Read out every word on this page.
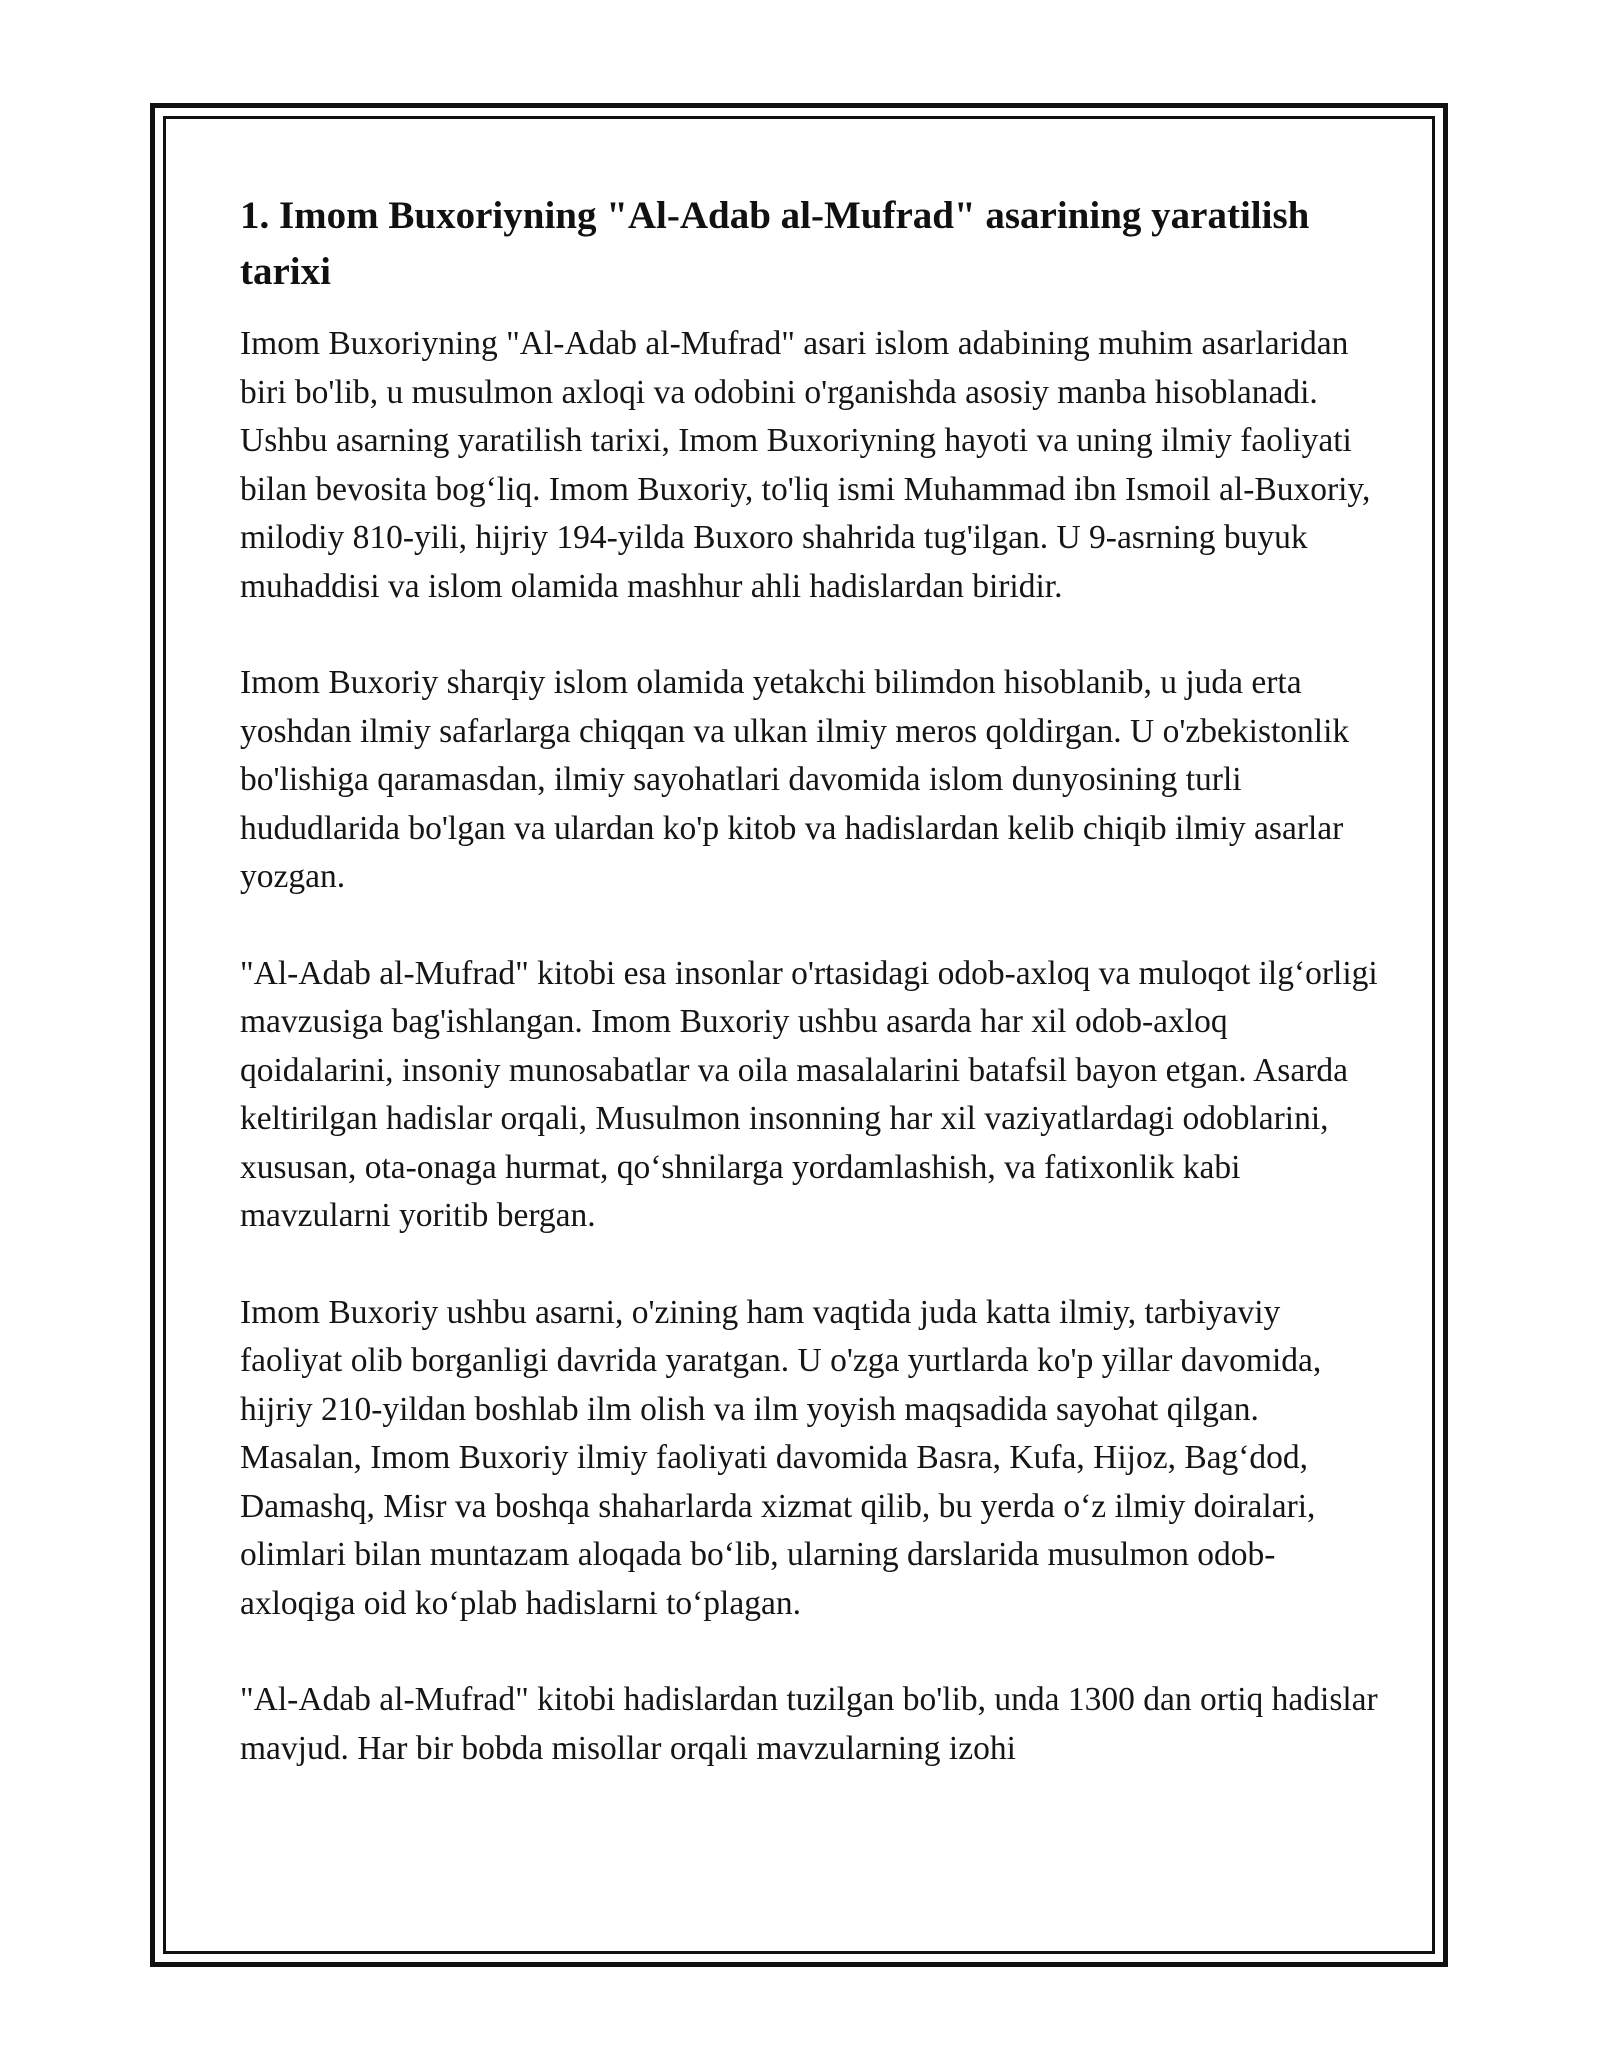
1. Imom Buxoriyning "Al-Adab al-Mufrad" asarining yaratilish tarixi

Imom Buxoriyning "Al-Adab al-Mufrad" asari islom adabining muhim asarlaridan biri bo'lib, u musulmon axloqi va odobini o'rganishda asosiy manba hisoblanadi. Ushbu asarning yaratilish tarixi, Imom Buxoriyning hayoti va uning ilmiy faoliyati bilan bevosita bog‘liq. Imom Buxoriy, to'liq ismi Muhammad ibn Ismoil al-Buxoriy, milodiy 810-yili, hijriy 194-yilda Buxoro shahrida tug'ilgan. U 9-asrning buyuk muhaddisi va islom olamida mashhur ahli hadislardan biridir.

Imom Buxoriy sharqiy islom olamida yetakchi bilimdon hisoblanib, u juda erta yoshdan ilmiy safarlarga chiqqan va ulkan ilmiy meros qoldirgan. U o'zbekistonlik bo'lishiga qaramasdan, ilmiy sayohatlari davomida islom dunyosining turli hududlarida bo'lgan va ulardan ko'p kitob va hadislardan kelib chiqib ilmiy asarlar yozgan.

"Al-Adab al-Mufrad" kitobi esa insonlar o'rtasidagi odob-axloq va muloqot ilg‘orligi mavzusiga bag'ishlangan. Imom Buxoriy ushbu asarda har xil odob-axloq qoidalarini, insoniy munosabatlar va oila masalalarini batafsil bayon etgan. Asarda keltirilgan hadislar orqali, Musulmon insonning har xil vaziyatlardagi odoblarini, xususan, ota-onaga hurmat, qo‘shnilarga yordamlashish, va fatixonlik kabi mavzularni yoritib bergan.

Imom Buxoriy ushbu asarni, o'zining ham vaqtida juda katta ilmiy, tarbiyaviy faoliyat olib borganligi davrida yaratgan. U o'zga yurtlarda ko'p yillar davomida, hijriy 210-yildan boshlab ilm olish va ilm yoyish maqsadida sayohat qilgan. Masalan, Imom Buxoriy ilmiy faoliyati davomida Basra, Kufa, Hijoz, Bag‘dod, Damashq, Misr va boshqa shaharlarda xizmat qilib, bu yerda o‘z ilmiy doiralari, olimlari bilan muntazam aloqada bo‘lib, ularning darslarida musulmon odob-axloqiga oid ko‘plab hadislarni to‘plagan.

"Al-Adab al-Mufrad" kitobi hadislardan tuzilgan bo'lib, unda 1300 dan ortiq hadislar mavjud. Har bir bobda misollar orqali mavzularning izohi
